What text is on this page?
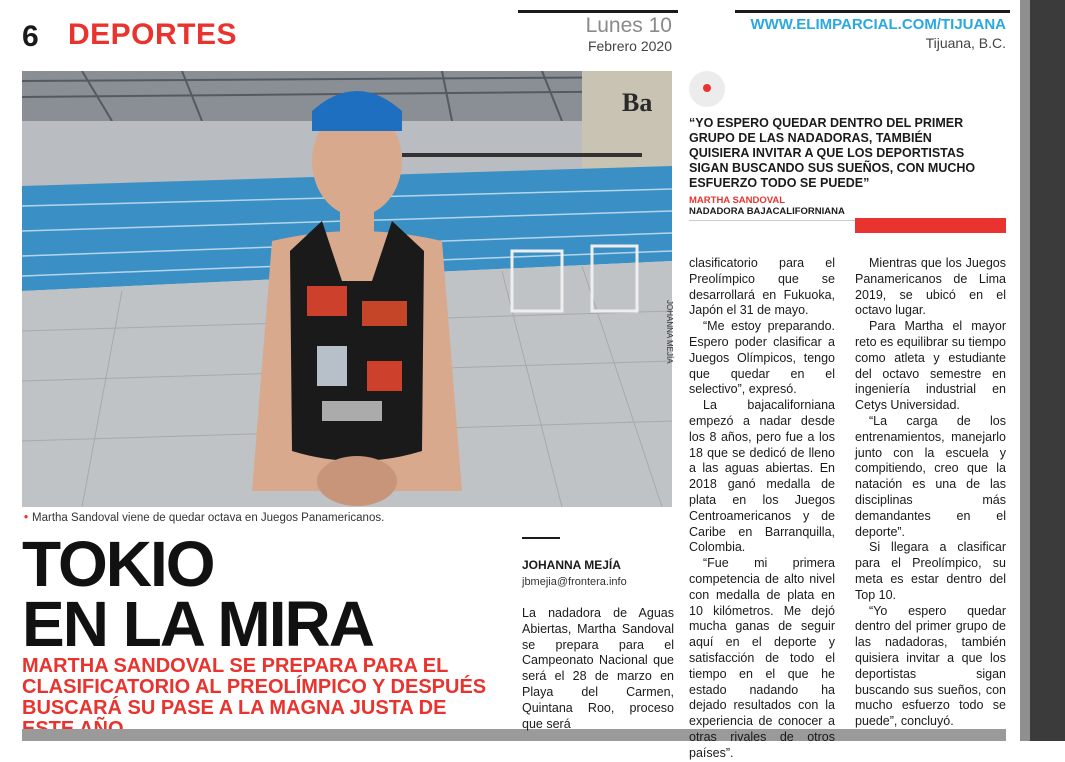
6 DEPORTES	Lunes 10
Febrero 2020
WWW.ELIMPARCIAL.COM/TIJUANA
Tijuana, B.C.
Ba
JOHANNA MEJÍA
• Martha Sandoval viene de quedar octava en Juegos Panamericanos.
TOKIO
EN LA MIRA
MARTHA SANDOVAL SE PREPARA PARA EL CLASIFICATORIO AL PREOLÍMPICO Y DESPUÉS BUSCARÁ SU PASE A LA MAGNA JUSTA DE
JOHANNA MEJÍA
jbmejia@frontera.info
“YO ESPERO QUEDAR DENTRO DEL PRIMER GRUPO DE LAS NADADORAS, TAMBIÉN QUISIERA INVITAR A QUE LOS DEPORTISTAS SIGAN BUSCANDO SUS SUEÑOS, CON MUCHO ESFUERZO TODO SE PUEDE”
MARTHA SANDOVAL
NADADORA BAJACALIFORNIANA

La nadadora de Aguas Abiertas, Martha Sandoval se prepara para el Campeonato Nacional que será el 28 de marzo en Playa del Carmen, Quintana Roo, proceso que será

clasificatorio para el Preolímpico que se desarrollará en Fukuoka, Japón el 31 de mayo.

“Me estoy preparando. Espero poder clasificar a Juegos Olímpicos, tengo que quedar en el selectivo”, expresó.

La bajacaliforniana empezó a nadar desde los 8 años, pero fue a los 18 que se dedicó de lleno a las aguas abiertas. En 2018 ganó medalla de plata en los Juegos Centroamericanos y de Caribe en Barranquilla, Colombia.

“Fue mi primera competencia de alto nivel con medalla de plata en 10 kilómetros. Me dejó mucha ganas de seguir aquí en el deporte y satisfacción de todo el tiempo en el que he estado nadando ha dejado resultados con la experiencia de conocer a otras rivales de otros países”.

Mientras que los Juegos Panamericanos de Lima 2019, se ubicó en el octavo lugar.

Para Martha el mayor reto es equilibrar su tiempo como atleta y estudiante del octavo semestre en ingeniería industrial en Cetys Universidad.

“La carga de los entrenamientos, manejarlo junto con la escuela y compitiendo, creo que la natación es una de las disciplinas más demandantes en el deporte”.

Si llegara a clasificar para el Preolímpico, su meta es estar dentro del Top 10.

“Yo espero quedar dentro del primer grupo de las nadadoras, también quisiera invitar a que los deportistas sigan buscando sus sueños, con mucho esfuerzo todo se puede”, concluyó.
